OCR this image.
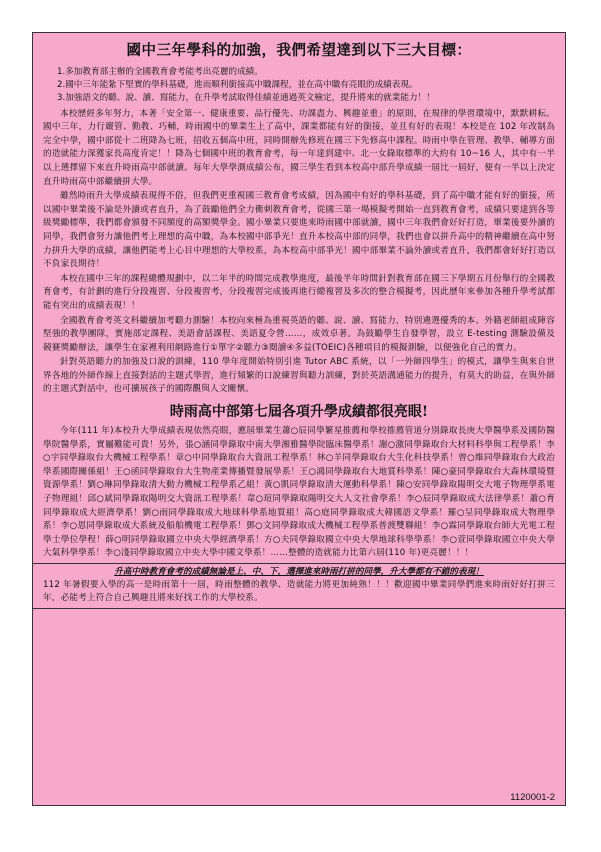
國中三年學科的加強，我們希望達到以下三大目標：
1.多加教育部主辦的全國教育會考能考出亮麗的成績。
2.國中三年能紮下堅實的學科基礎，進而順利銜接高中職課程，並在高中職有亮眼的成績表現。
3.加強語文的聽、說、讀、寫能力，在升學考試取得佳績並通過英文檢定，提升將來的就業能力！！

本校歷經多年努力，本著「安全第一、健康重要、品行優先、功課盡力、興趣並重」的原則，在規律的學習環境中，默默耕耘。國中三年，力行嚴管、勤教、巧輔，時雨國中的畢業生上了高中，課業都能有好的銜接，並且有好的表現！本校是在 102 年改制為完全中學，國中部從十二班降為七班，招收五個高中班，同時開辦先修班在國三下先修高中課程。時雨中學在管理、教學、輔導方面的造就能力深獲家長高度肯定！！降為七個國中班的教育會考，每一年達到建中、北一女錄取標準的大約有 10~16 人，其中有一半以上選擇留下來直升時雨高中部就讀。每年大學學測成績公布，國三學生看到本校高中部升學成績一屆比一屆好，便有一半以上決定直升時雨高中部繼續拼大學。

雖然時雨升大學成績表現得不俗，但我們更重視國三教育會考成績，因為國中有好的學科基礎，到了高中職才能有好的銜接，所以國中畢業後不論是外讀或者直升，為了鼓勵他們全力衝刺教育會考，從國三第一場模擬考開始一直到教育會考，成績只要達到各等級獎勵標準，我們都會頒發不同額度的高額獎學金。國小畢業只要進來時雨國中部就讀，國中三年我們會好好打造，畢業後要外讀的同學，我們會努力讓他們考上理想的高中職，為本校國中部爭光！直升本校高中部的同學，我們也會以拼升高中的精神繼續在高中努力拼升大學的成績，讓他們能考上心目中理想的大學校系，為本校高中部爭光！國中部畢業不論外讀或者直升，我們都會好好打造以不負家長期待！

本校在國中三年的課程總體規劃中，以二年半的時間完成教學進度，最後半年時間針對教育部在國三下學期五月份舉行的全國教育會考，有計劃的進行分段複習、分段複習考，分段複習完成後再進行總複習及多次的整合模擬考，因此歷年來參加各種升學考試都能有突出的成績表現！！

全國教育會考英文科繼續加考聽力測驗！本校向來極為重視英語的聽、說、讀、寫能力，特別遴選優秀的本、外籍老師組成陣容堅強的教學團隊，實施部定課程、美語會話課程、美語夏令營……，成效卓著。為鼓勵學生自發學習，設立 E-testing 測驗設備及競賽獎勵辦法，讓學生在家裡利用網路進行①單字②聽力③閱讀④多益(TOEIC)各種項目的模擬測驗，以便強化自己的實力。

針對英語聽力的加強及口說的訓練，110 學年度開始特別引進 Tutor ABC 系統，以「一外師四學生」的模式，讓學生與來自世界各地的外師作線上直接對話的主題式學習，進行頻繁的口說練習與聽力訓練，對於英語溝通能力的提升，有莫大的助益，在與外師的主題式對話中，也可擴展孩子的國際觀與人文關懷。

時雨高中部第七屆各項升學成績都很亮眼!

今年(111 年)本校升大學成績表現依然亮眼，應屆畢業生蕭○辰同學繁星推薦和學校推薦管道分別錄取長庚大學醫學系及國防醫學院醫學系，實屬難能可貴！另外，張○涵同學錄取中南大學湘雅醫學院臨床醫學系！謝○激同學錄取台大材料科學與工程學系！李○宇同學錄取台大機械工程學系！章○中同學錄取台大資訊工程學系！林○羊同學錄取台大生化科技學系！曾○維同學錄取台大政治學系國際關係組！王○函同學錄取台大生物產業傳播暨發展學系！王○鴻同學錄取台大地質科學系！陳○豪同學錄取台大森林環境暨資源學系！劉○琳同學錄取清大動力機械工程學系乙組！黃○凱同學錄取清大運動科學系！陳○安同學錄取陽明交大電子物理學系電子物理組！邱○斌同學錄取陽明交大資訊工程學系！韋○瑄同學錄取陽明交大人文社會學系！李○辰同學錄取成大法律學系！蕭○育同學錄取成大經濟學系！劉○雨同學錄取成大地球科學系地質組！高○庭同學錄取成大韓國語文學系！羅○呈同學錄取成大物理學系！李○恩同學錄取成大系統及船舶機電工程學系！鄧○文同學錄取成大機械工程學系普渡雙聯組！李○霖同學錄取台師大光電工程學士學位學程！薛○明同學錄取國立中央大學經濟學系！方○夫同學錄取國立中央大學地球科學學系！李○萱同學錄取國立中央大學大氣科學學系！李○淺同學錄取國立中央大學中國文學系！……整體的造就能力比第六屆(110 年)更亮麗！！！

升高中時教育會考的成績無論是上、中、下，選擇進來時雨打拼的同學，升大學都有不錯的表現！

112 年暑假要入學的高一是時雨第十一屆，時雨整體的教學、造就能力將更加純熟！！！歡迎國中畢業同學們進來時雨好好打拼三年，必能考上符合自己興趣且將來好找工作的大學校系。

1120001-2
